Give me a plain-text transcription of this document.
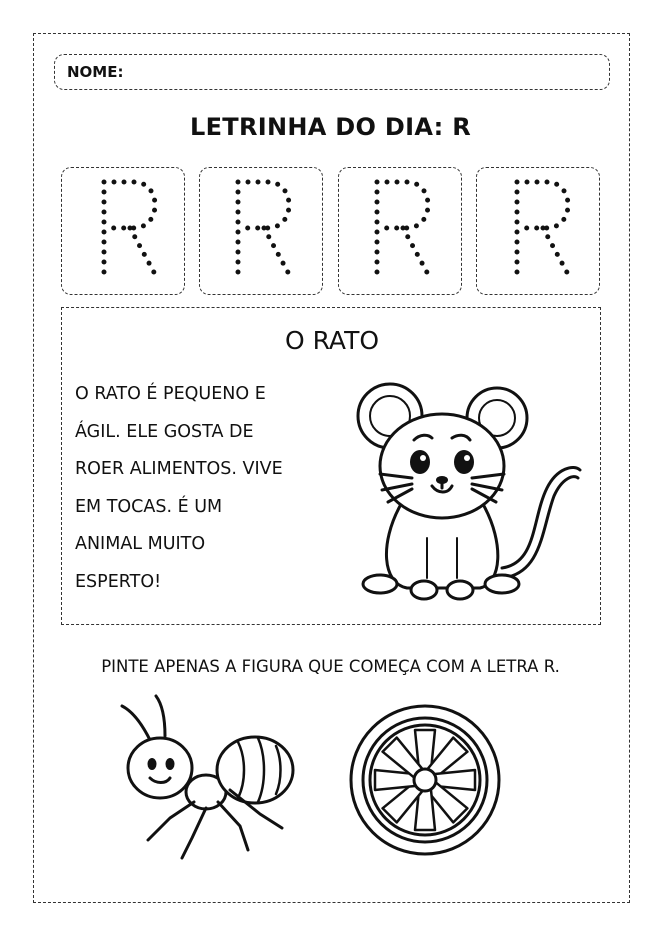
NOME:
LETRINHA DO DIA: R
O RATO
O RATO É PEQUENO E
ÁGIL. ELE GOSTA DE
ROER ALIMENTOS. VIVE
EM TOCAS. É UM
ANIMAL MUITO
ESPERTO!
PINTE APENAS A FIGURA QUE COMEÇA COM A LETRA R.
